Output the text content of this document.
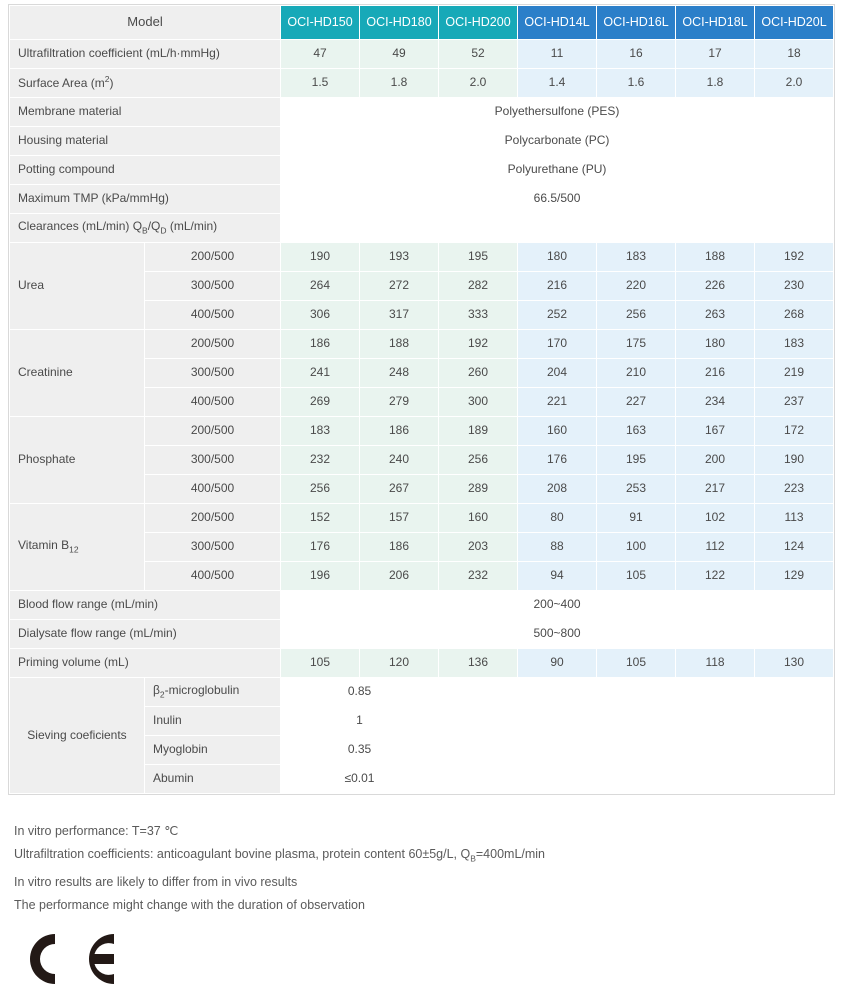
Model		OCI-HD150	OCI-HD180	OCI-HD200	OCI-HD14L	OCI-HD16L	OCI-HD18L	OCI-HD20L
Ultrafiltration coefficient (mL/h·mmHg)		47	49	52	11	16	17	18
Surface Area $(m^2)$		1.5	1.8	2.0	1.4	1.6	1.8	2.0
Membrane material		Polyethersulfone (PES)						
Housing material		Polycarbonate (PC)						
Potting compound		Polyurethane (PU)						
Maximum TMP (kPa/mmHg)		66.5/500						
Clearances (mL/min) $Q_B/Q_D$ (mL/min)								
Urea	200/500	190	193	195	180	183	188	192
	300/500	264	272	282	216	220	226	230
	400/500	306	317	333	252	256	263	268
Creatinine	200/500	186	188	192	170	175	180	183
	300/500	241	248	260	204	210	216	219
	400/500	269	279	300	221	227	234	237
Phosphate	200/500	183	186	189	160	163	167	172
	300/500	232	240	256	176	195	200	190
	400/500	256	267	289	208	253	217	223
Vitamin $B_{12}$	200/500	152	157	160	80	91	102	113
	300/500	176	186	203	88	100	112	124
	400/500	196	206	232	94	105	122	129
Blood flow range (mL/min)		200~400						
Dialysate flow range (mL/min)		500~800						
Priming volume (mL)		105	120	136	90	105	118	130
Sieving coeficients	$\beta_2$-microglobulin	0.85						
	Inulin	1						
	Myoglobin	0.35						
	Abumin	≤0.01						
In vitro performance: T=37 ℃
Ultrafiltration coefficients: anticoagulant bovine plasma, protein content 60±5g/L, $Q_B=400mL/\min$
In vitro results are likely to differ from in vivo results
The performance might change with the duration of observation
